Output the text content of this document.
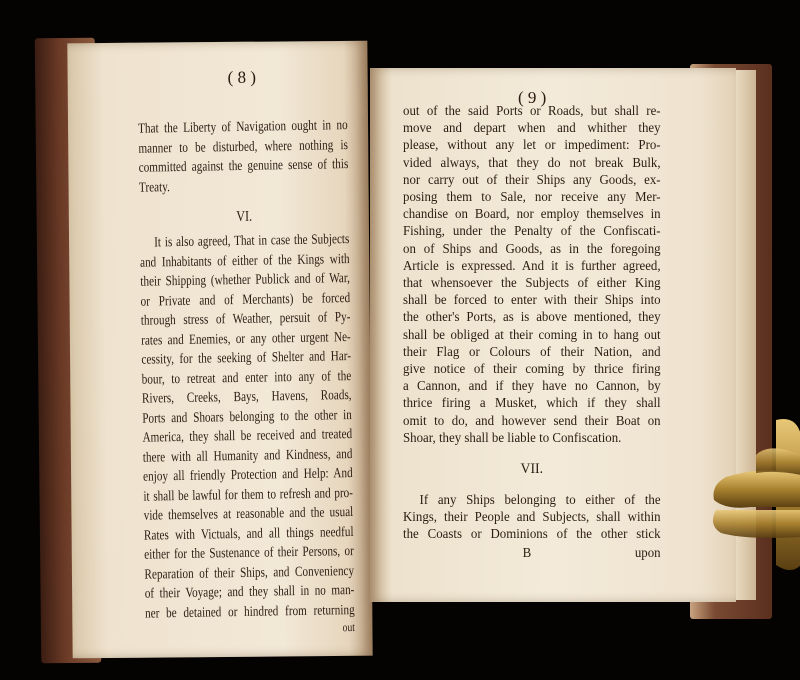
( 8 )
That the Liberty of Navigation ought in no
manner to be disturbed, where nothing is
committed against the genuine sense of this
Treaty.
VI.
It is also agreed, That in case the Subjects
and Inhabitants of either of the Kings with
their Shipping (whether Publick and of War,
or Private and of Merchants) be forced
through stress of Weather, persuit of Py-
rates and Enemies, or any other urgent Ne-
cessity, for the seeking of Shelter and Har-
bour, to retreat and enter into any of the
Rivers, Creeks, Bays, Havens, Roads,
Ports and Shoars belonging to the other in
America, they shall be received and treated
there with all Humanity and Kindness, and
enjoy all friendly Protection and Help: And
it shall be lawful for them to refresh and pro-
vide themselves at reasonable and the usual
Rates with Victuals, and all things needful
either for the Sustenance of their Persons, or
Reparation of their Ships, and Conveniency
of their Voyage; and they shall in no man-
ner be detained or hindred from returning
out
( 9 )
out of the said Ports or Roads, but shall re-
move and depart when and whither they
please, without any let or impediment: Pro-
vided always, that they do not break Bulk,
nor carry out of their Ships any Goods, ex-
posing them to Sale, nor receive any Mer-
chandise on Board, nor employ themselves in
Fishing, under the Penalty of the Confiscati-
on of Ships and Goods, as in the foregoing
Article is expressed. And it is further agreed,
that whensoever the Subjects of either King
shall be forced to enter with their Ships into
the other's Ports, as is above mentioned, they
shall be obliged at their coming in to hang out
their Flag or Colours of their Nation, and
give notice of their coming by thrice firing
a Cannon, and if they have no Cannon, by
thrice firing a Musket, which if they shall
omit to do, and however send their Boat on
Shoar, they shall be liable to Confiscation.
VII.
If any Ships belonging to either of the
Kings, their People and Subjects, shall within
the Coasts or Dominions of the other stick
B	upon
